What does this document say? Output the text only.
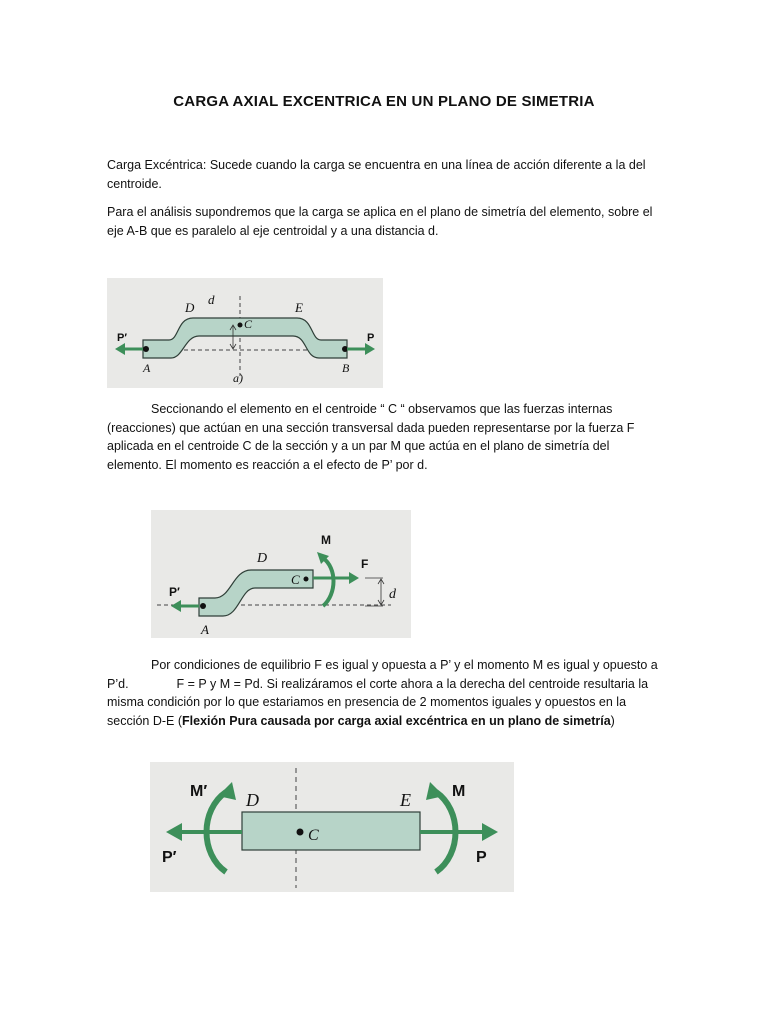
CARGA AXIAL EXCENTRICA EN UN PLANO DE SIMETRIA
Carga Excéntrica: Sucede cuando la carga se encuentra en una línea de acción diferente a la del centroide.
Para el análisis supondremos que la carga se aplica en el plano de simetría del elemento, sobre el eje A-B que es paralelo al eje centroidal y a una distancia d.
P′	P
D	E
d
C
A	B
a)
Seccionando el elemento en el centroide “ C “ observamos que las fuerzas internas (reacciones) que actúan en una sección transversal dada pueden representarse por la fuerza F aplicada en el centroide C de la sección y a un par M que actúa en el plano de simetría del elemento. El momento es reacción a el efecto de P’ por d.
M
D
C
F
P′
A
d
Por condiciones de equilibrio F es igual y opuesta a P’ y el momento M es igual y opuesto a P’d.	F = P y M = Pd. Si realizáramos el corte ahora a la derecha del centroide resultaria la misma condición por lo que estariamos en presencia de 2 momentos iguales y opuestos en la sección D-E (Flexión Pura causada por carga axial excéntrica en un plano de simetría)
M′ D	E	M
C
P′	P
